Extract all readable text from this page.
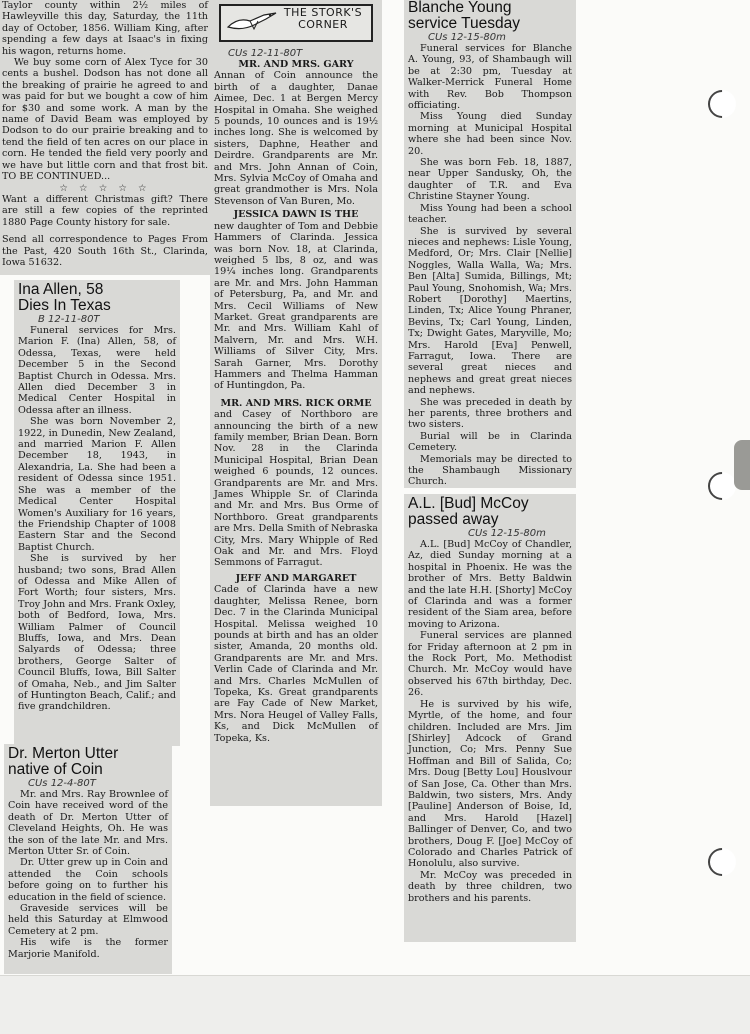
Taylor county within 2½ miles of Hawleyville this day, Saturday, the 11th day of October, 1856. William King, after spending a few days at Isaac's in fixing his wagon, returns home.

We buy some corn of Alex Tyce for 30 cents a bushel. Dodson has not done all the breaking of prairie he agreed to and was paid for but we bought a cow of him for $30 and some work. A man by the name of David Beam was employed by Dodson to do our prairie breaking and to tend the field of ten acres on our place in corn. He tended the field very poorly and we have but little corn and that frost bit. TO BE CONTINUED...

☆ ☆ ☆ ☆ ☆

Want a different Christmas gift? There are still a few copies of the reprinted 1880 Page County history for sale.

Send all correspondence to Pages From the Past, 420 South 16th St., Clarinda, Iowa 51632.

Ina Allen, 58 Dies In Texas
B 12-11-80T

Funeral services for Mrs. Marion F. (Ina) Allen, 58, of Odessa, Texas, were held December 5 in the Second Baptist Church in Odessa. Mrs. Allen died December 3 in Medical Center Hospital in Odessa after an illness.

She was born November 2, 1922, in Dunedin, New Zealand, and married Marion F. Allen December 18, 1943, in Alexandria, La. She had been a resident of Odessa since 1951. She was a member of the Medical Center Hospital Women's Auxiliary for 16 years, the Friendship Chapter of 1008 Eastern Star and the Second Baptist Church.

She is survived by her husband; two sons, Brad Allen of Odessa and Mike Allen of Fort Worth; four sisters, Mrs. Troy John and Mrs. Frank Oxley, both of Bedford, Iowa, Mrs. William Palmer of Council Bluffs, Iowa, and Mrs. Dean Salyards of Odessa; three brothers, George Salter of Council Bluffs, Iowa, Bill Salter of Omaha, Neb., and Jim Salter of Huntington Beach, Calif.; and five grandchildren.

Dr. Merton Utter native of Coin
CUs 12-4-80T

Mr. and Mrs. Ray Brownlee of Coin have received word of the death of Dr. Merton Utter of Cleveland Heights, Oh. He was the son of the late Mr. and Mrs. Merton Utter Sr. of Coin.

Dr. Utter grew up in Coin and attended the Coin schools before going on to further his education in the field of science.

Graveside services will be held this Saturday at Elmwood Cemetery at 2 pm.

His wife is the former Marjorie Manifold.

THE STORK'S CORNER
CUs 12-11-80T

MR. AND MRS. GARY

Annan of Coin announce the birth of a daughter, Danae Aimee, Dec. 1 at Bergen Mercy Hospital in Omaha. She weighed 5 pounds, 10 ounces and is 19½ inches long. She is welcomed by sisters, Daphne, Heather and Deirdre. Grandparents are Mr. and Mrs. John Annan of Coin, Mrs. Sylvia McCoy of Omaha and great grandmother is Mrs. Nola Stevenson of Van Buren, Mo.

JESSICA DAWN IS THE

new daughter of Tom and Debbie Hammers of Clarinda. Jessica was born Nov. 18, at Clarinda, weighed 5 lbs, 8 oz, and was 19¼ inches long. Grandparents are Mr. and Mrs. John Hamman of Petersburg, Pa, and Mr. and Mrs. Cecil Williams of New Market. Great grandparents are Mr. and Mrs. William Kahl of Malvern, Mr. and Mrs. W.H. Williams of Silver City, Mrs. Sarah Garner, Mrs. Dorothy Hammers and Thelma Hamman of Huntingdon, Pa.

MR. AND MRS. RICK ORME

and Casey of Northboro are announcing the birth of a new family member, Brian Dean. Born Nov. 28 in the Clarinda Municipal Hospital, Brian Dean weighed 6 pounds, 12 ounces. Grandparents are Mr. and Mrs. James Whipple Sr. of Clarinda and Mr. and Mrs. Bus Orme of Northboro. Great grandparents are Mrs. Della Smith of Nebraska City, Mrs. Mary Whipple of Red Oak and Mr. and Mrs. Floyd Semmons of Farragut.

JEFF AND MARGARET

Cade of Clarinda have a new daughter, Melissa Renee, born Dec. 7 in the Clarinda Municipal Hospital. Melissa weighed 10 pounds at birth and has an older sister, Amanda, 20 months old. Grandparents are Mr. and Mrs. Verlin Cade of Clarinda and Mr. and Mrs. Charles McMullen of Topeka, Ks. Great grandparents are Fay Cade of New Market, Mrs. Nora Heugel of Valley Falls, Ks, and Dick McMullen of Topeka, Ks.

Blanche Young service Tuesday
CUs 12-15-80m

Funeral services for Blanche A. Young, 93, of Shambaugh will be at 2:30 pm, Tuesday at Walker-Merrick Funeral Home with Rev. Bob Thompson officiating.

Miss Young died Sunday morning at Municipal Hospital where she had been since Nov. 20.

She was born Feb. 18, 1887, near Upper Sandusky, Oh, the daughter of T.R. and Eva Christine Stayner Young.

Miss Young had been a school teacher.

She is survived by several nieces and nephews: Lisle Young, Medford, Or; Mrs. Clair [Nellie] Noggles, Walla Walla, Wa; Mrs. Ben [Alta] Sumida, Billings, Mt; Paul Young, Snohomish, Wa; Mrs. Robert [Dorothy] Maertins, Linden, Tx; Alice Young Phraner, Bevins, Tx; Carl Young, Linden, Tx; Dwight Gates, Maryville, Mo; Mrs. Harold [Eva] Penwell, Farragut, Iowa. There are several great nieces and nephews and great great nieces and nephews.

She was preceded in death by her parents, three brothers and two sisters.

Burial will be in Clarinda Cemetery.

Memorials may be directed to the Shambaugh Missionary Church.

A.L. [Bud] McCoy passed away
CUs 12-15-80m

A.L. [Bud] McCoy of Chandler, Az, died Sunday morning at a hospital in Phoenix. He was the brother of Mrs. Betty Baldwin and the late H.H. [Shorty] McCoy of Clarinda and was a former resident of the Siam area, before moving to Arizona.

Funeral services are planned for Friday afternoon at 2 pm in the Rock Port, Mo. Methodist Church. Mr. McCoy would have observed his 67th birthday, Dec. 26.

He is survived by his wife, Myrtle, of the home, and four children. Included are Mrs. Jim [Shirley] Adcock of Grand Junction, Co; Mrs. Penny Sue Hoffman and Bill of Salida, Co; Mrs. Doug [Betty Lou] Houslvour of San Jose, Ca. Other than Mrs. Baldwin, two sisters, Mrs. Andy [Pauline] Anderson of Boise, Id, and Mrs. Harold [Hazel] Ballinger of Denver, Co, and two brothers, Doug F. [Joe] McCoy of Colorado and Charles Patrick of Honolulu, also survive.

Mr. McCoy was preceded in death by three children, two brothers and his parents.
